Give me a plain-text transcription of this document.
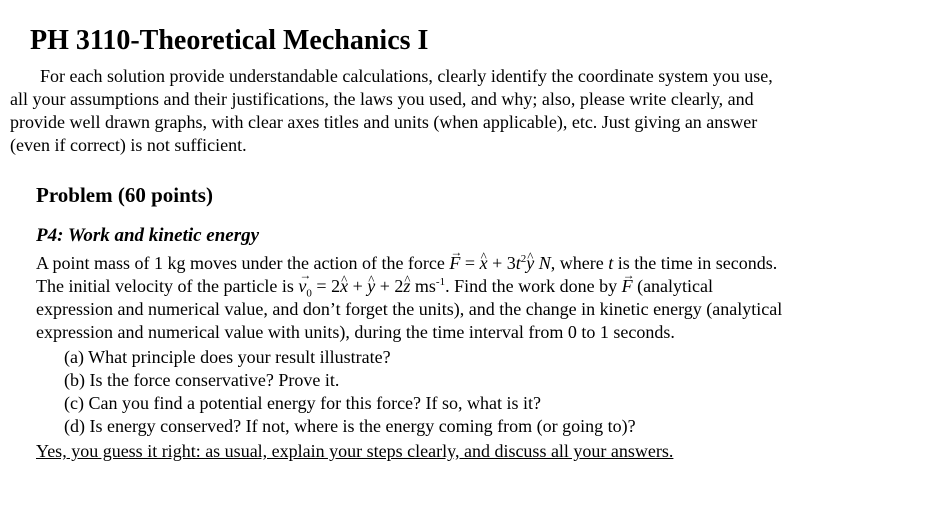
PH 3110-Theoretical Mechanics I
For each solution provide understandable calculations, clearly identify the coordinate system you use,
all your assumptions and their justifications, the laws you used, and why; also, please write clearly, and
provide well drawn graphs, with clear axes titles and units (when applicable), etc. Just giving an answer
(even if correct) is not sufficient.
Problem (60 points)
P4: Work and kinetic energy
A point mass of 1 kg moves under the action of the force → F = ^ $x + 3t^2\^{}$ y N, where t is the time in seconds.
The initial velocity of the particle is → $v_0$ = 2^ x + ^ y + 2^ z $ms^{-1}$. Find the work done by → F (analytical
expression and numerical value, and don’t forget the units), and the change in kinetic energy (analytical
expression and numerical value with units), during the time interval from 0 to 1 seconds.
(a) What principle does your result illustrate?
(b) Is the force conservative? Prove it.
(c) Can you find a potential energy for this force? If so, what is it?
(d) Is energy conserved? If not, where is the energy coming from (or going to)?
Yes, you guess it right: as usual, explain your steps clearly, and discuss all your answers.
